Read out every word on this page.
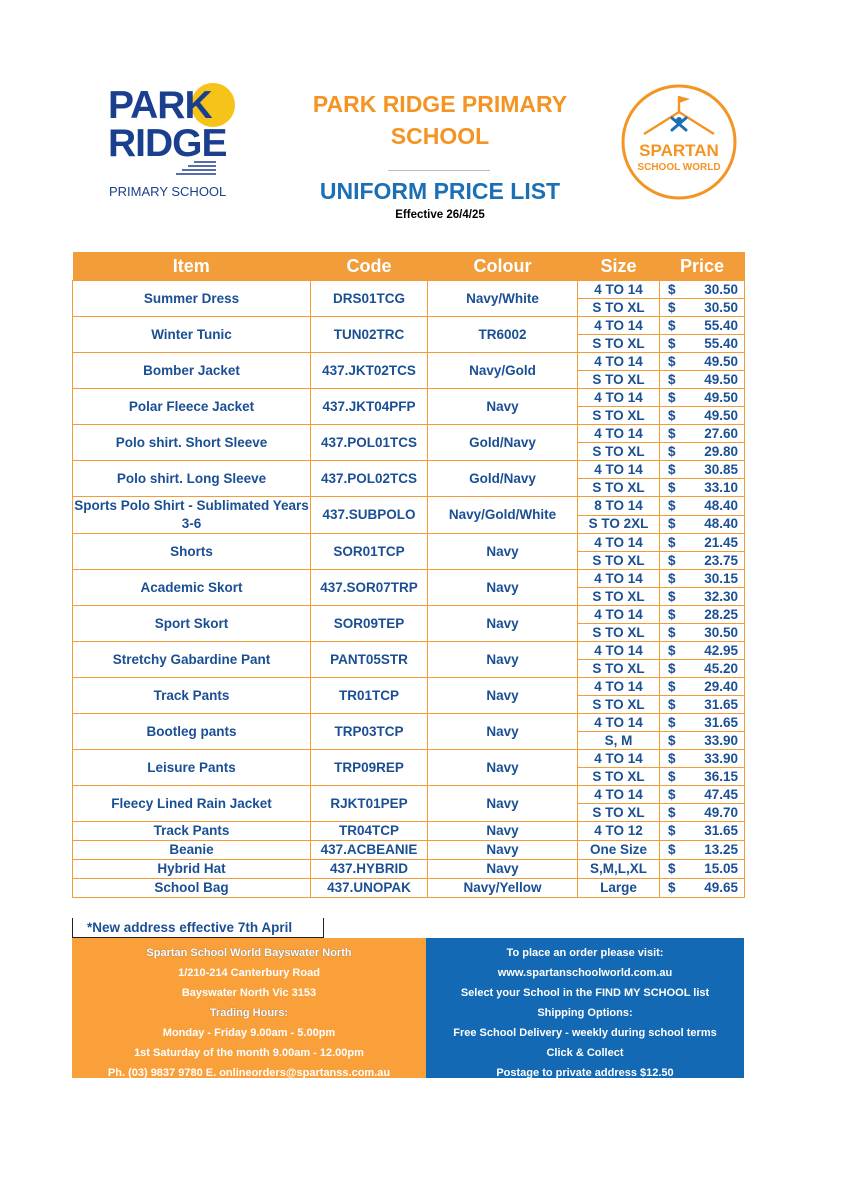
PARK
RIDGE
PRIMARY SCHOOL
PARK RIDGE PRIMARY
SCHOOL
UNIFORM PRICE LIST
Effective 26/4/25
SPARTAN
SCHOOL WORLD
Item	Code	Colour	Size	Price	
Summer Dress	DRS01TCG	Navy/White	4 TO 14	$	30.50
			S TO XL	$	30.50
Winter Tunic	TUN02TRC	TR6002	4 TO 14	$	55.40
			S TO XL	$	55.40
Bomber Jacket	437.JKT02TCS	Navy/Gold	4 TO 14	$	49.50
			S TO XL	$	49.50
Polar Fleece Jacket	437.JKT04PFP	Navy	4 TO 14	$	49.50
			S TO XL	$	49.50
Polo shirt. Short Sleeve	437.POL01TCS	Gold/Navy	4 TO 14	$	27.60
			S TO XL	$	29.80
Polo shirt. Long Sleeve	437.POL02TCS	Gold/Navy	4 TO 14	$	30.85
			S TO XL	$	33.10
Sports Polo Shirt - Sublimated Years 3-6	437.SUBPOLO	Navy/Gold/White	8 TO 14	$	48.40
			S TO 2XL	$	48.40
Shorts	SOR01TCP	Navy	4 TO 14	$	21.45
			S TO XL	$	23.75
Academic Skort	437.SOR07TRP	Navy	4 TO 14	$	30.15
			S TO XL	$	32.30
Sport Skort	SOR09TEP	Navy	4 TO 14	$	28.25
			S TO XL	$	30.50
Stretchy Gabardine Pant	PANT05STR	Navy	4 TO 14	$	42.95
			S TO XL	$	45.20
Track Pants	TR01TCP	Navy	4 TO 14	$	29.40
			S TO XL	$	31.65
Bootleg pants	TRP03TCP	Navy	4 TO 14	$	31.65
			S, M	$	33.90
Leisure Pants	TRP09REP	Navy	4 TO 14	$	33.90
			S TO XL	$	36.15
Fleecy Lined Rain Jacket	RJKT01PEP	Navy	4 TO 14	$	47.45
			S TO XL	$	49.70
Track Pants	TR04TCP	Navy	4 TO 12	$	31.65
Beanie	437.ACBEANIE	Navy	One Size	$	13.25
Hybrid Hat	437.HYBRID	Navy	S,M,L,XL	$	15.05
School Bag	437.UNOPAK	Navy/Yellow	Large	$	49.65
*New address effective 7th April
Spartan School World Bayswater North
1/210-214 Canterbury Road
Bayswater North Vic 3153
Trading Hours:
Monday - Friday 9.00am - 5.00pm
1st Saturday of the month 9.00am - 12.00pm
Ph. (03) 9837 9780 E. onlineorders@spartanss.com.au
To place an order please visit:
www.spartanschoolworld.com.au
Select your School in the FIND MY SCHOOL list
Shipping Options:
Free School Delivery - weekly during school terms
Click & Collect
Postage to private address $12.50
